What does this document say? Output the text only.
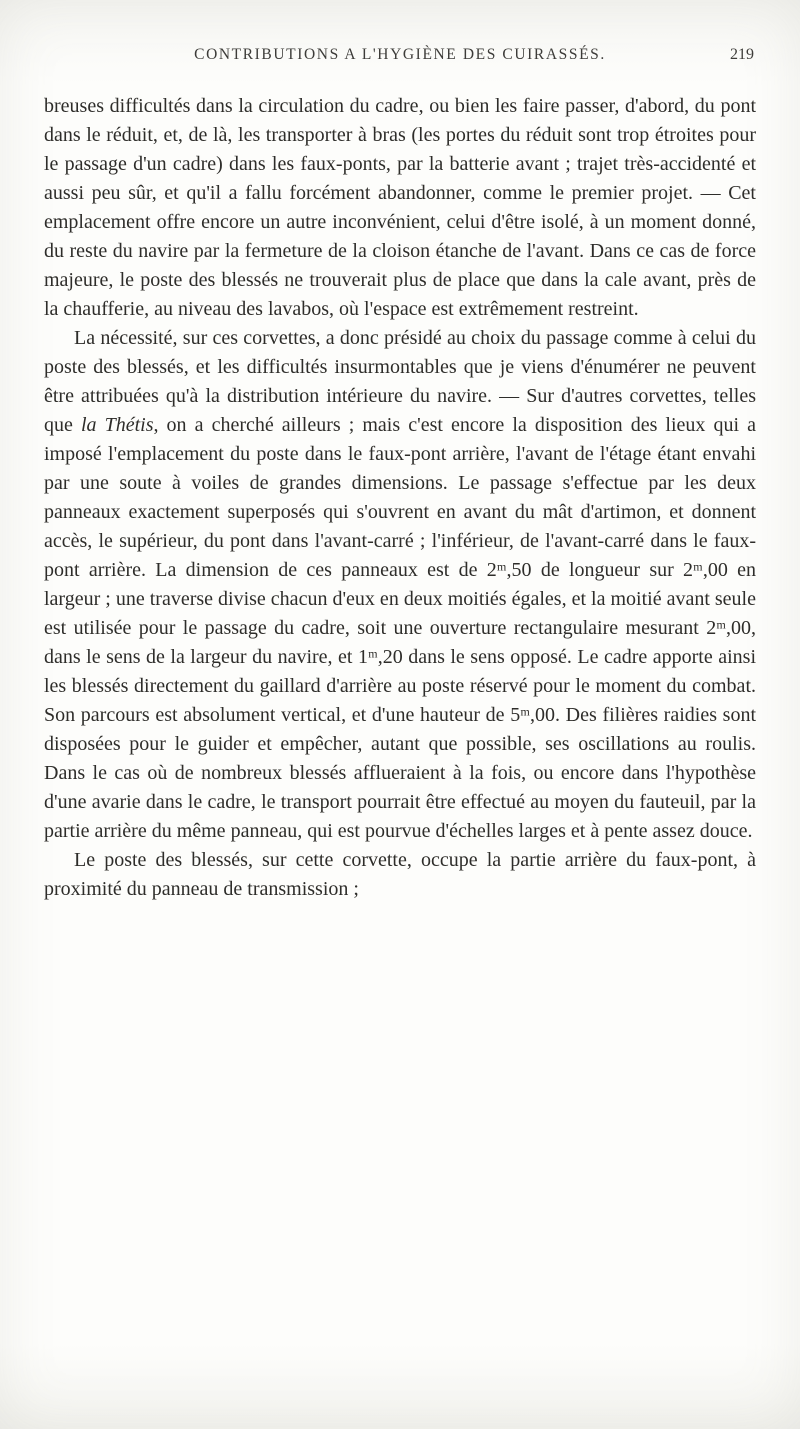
CONTRIBUTIONS A L'HYGIÈNE DES CUIRASSÉS.	219

breuses difficultés dans la circulation du cadre, ou bien les faire passer, d'abord, du pont dans le réduit, et, de là, les transporter à bras (les portes du réduit sont trop étroites pour le passage d'un cadre) dans les faux-ponts, par la batterie avant ; trajet très-accidenté et aussi peu sûr, et qu'il a fallu forcément abandonner, comme le premier projet. — Cet emplacement offre encore un autre inconvénient, celui d'être isolé, à un moment donné, du reste du navire par la fermeture de la cloison étanche de l'avant. Dans ce cas de force majeure, le poste des blessés ne trouverait plus de place que dans la cale avant, près de la chaufferie, au niveau des lavabos, où l'espace est extrêmement restreint.

La nécessité, sur ces corvettes, a donc présidé au choix du passage comme à celui du poste des blessés, et les difficultés insurmontables que je viens d'énumérer ne peuvent être attribuées qu'à la distribution intérieure du navire. — Sur d'autres corvettes, telles que la Thétis, on a cherché ailleurs ; mais c'est encore la disposition des lieux qui a imposé l'emplacement du poste dans le faux-pont arrière, l'avant de l'étage étant envahi par une soute à voiles de grandes dimensions. Le passage s'effectue par les deux panneaux exactement superposés qui s'ouvrent en avant du mât d'artimon, et donnent accès, le supérieur, du pont dans l'avant-carré ; l'inférieur, de l'avant-carré dans le faux-pont arrière. La dimension de ces panneaux est de 2ᵐ,50 de longueur sur 2ᵐ,00 en largeur ; une traverse divise chacun d'eux en deux moitiés égales, et la moitié avant seule est utilisée pour le passage du cadre, soit une ouverture rectangulaire mesurant 2ᵐ,00, dans le sens de la largeur du navire, et 1ᵐ,20 dans le sens opposé. Le cadre apporte ainsi les blessés directement du gaillard d'arrière au poste réservé pour le moment du combat. Son parcours est absolument vertical, et d'une hauteur de 5ᵐ,00. Des filières raidies sont disposées pour le guider et empêcher, autant que possible, ses oscillations au roulis. Dans le cas où de nombreux blessés afflueraient à la fois, ou encore dans l'hypothèse d'une avarie dans le cadre, le transport pourrait être effectué au moyen du fauteuil, par la partie arrière du même panneau, qui est pourvue d'échelles larges et à pente assez douce.

Le poste des blessés, sur cette corvette, occupe la partie arrière du faux-pont, à proximité du panneau de transmission ;
